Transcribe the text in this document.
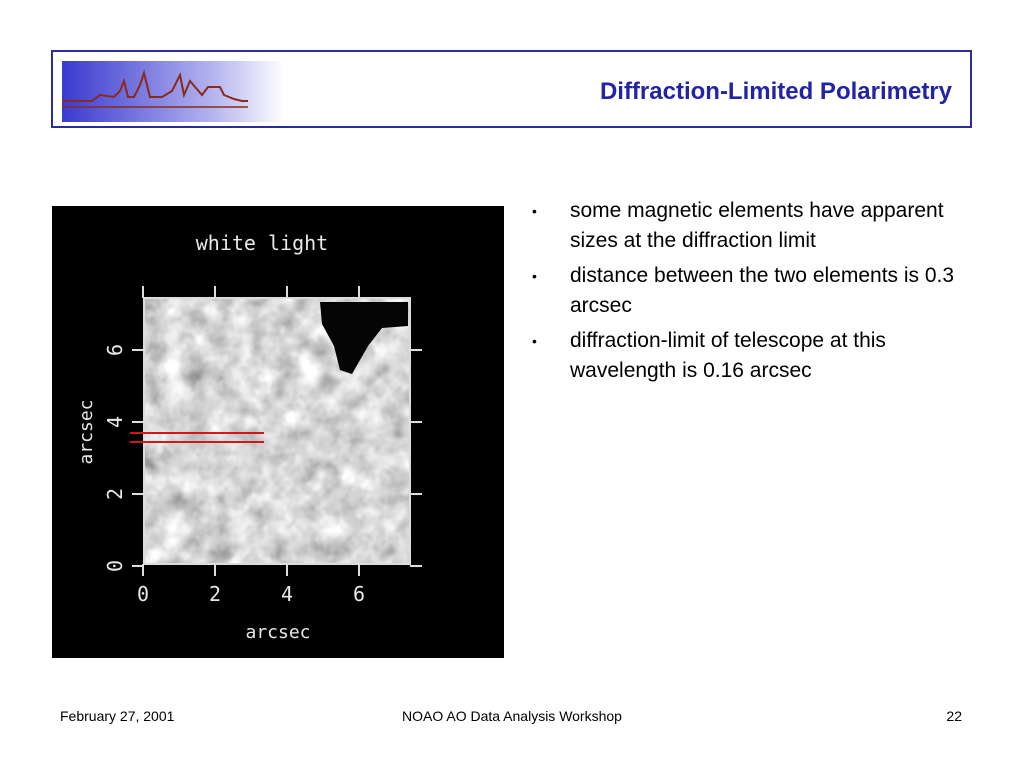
Diffraction-Limited Polarimetry
white light
arcsec
arcsec
0	2	4	6
0
2
4
6
• some magnetic elements have apparent sizes at the diffraction limit
• distance between the two elements is 0.3 arcsec
• diffraction-limit of telescope at this wavelength is 0.16 arcsec
February 27, 2001	NOAO AO Data Analysis Workshop	22
